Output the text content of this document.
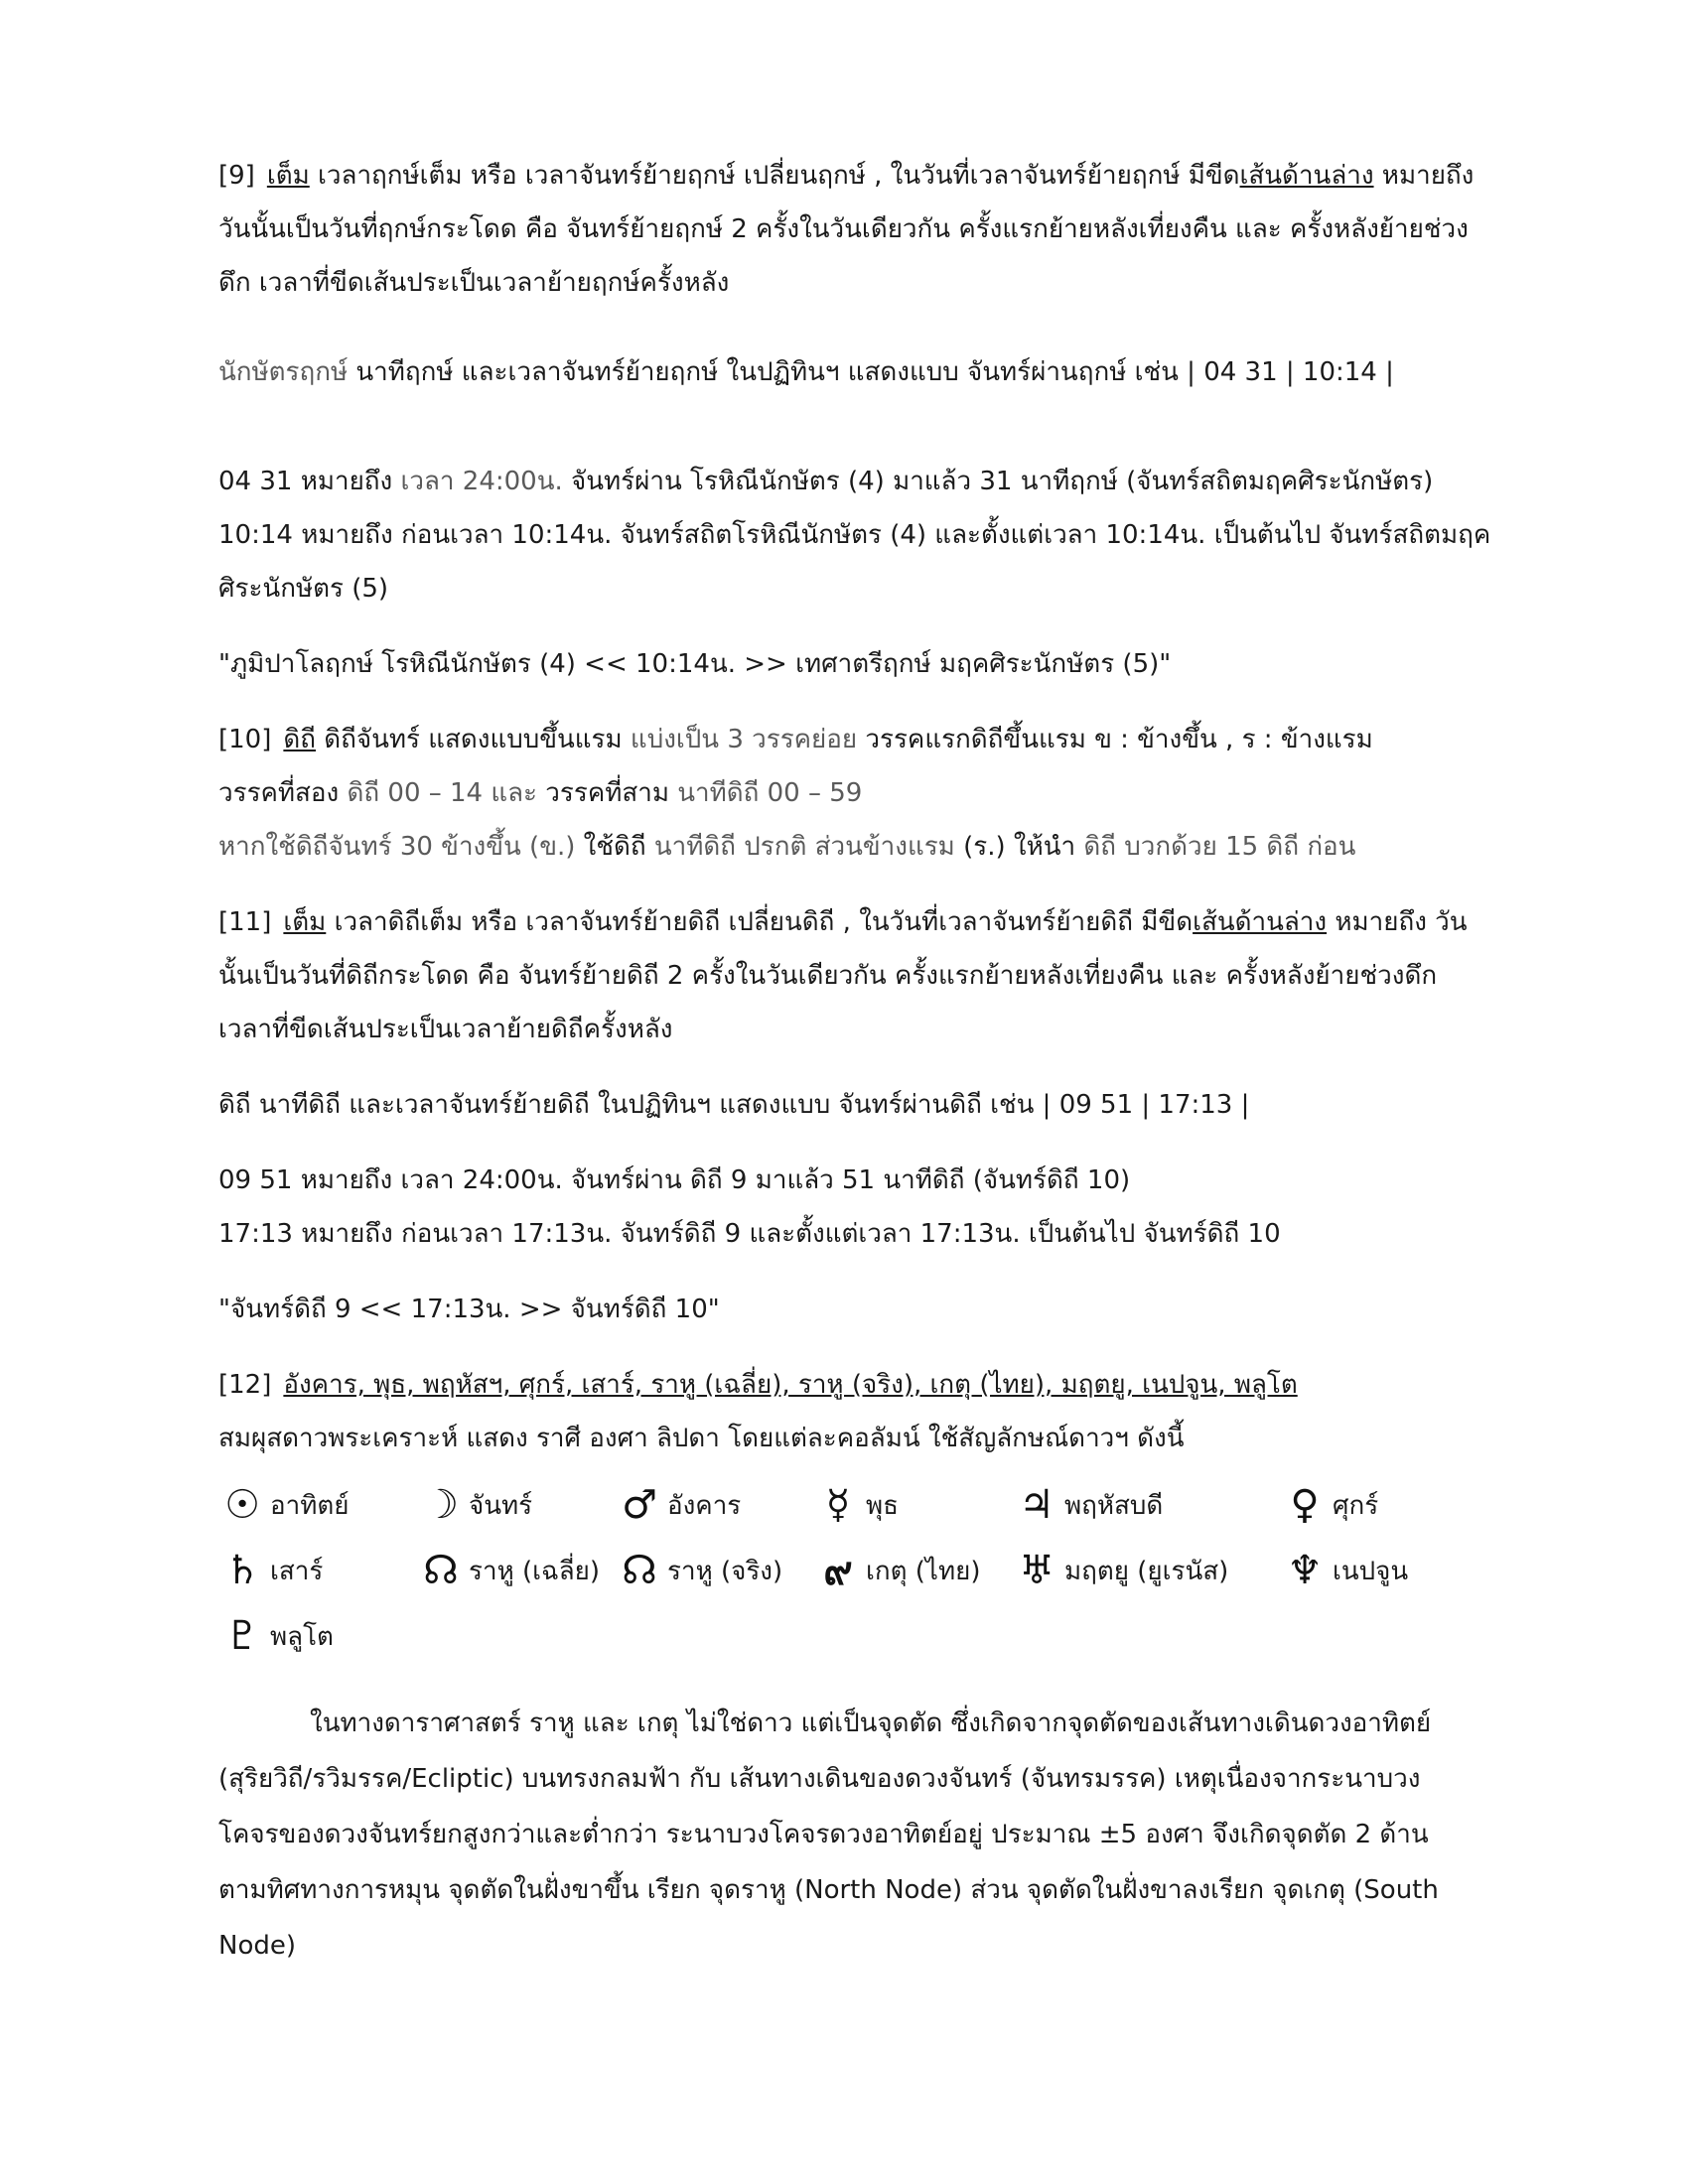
[9] เต็ม เวลาฤกษ์เต็ม หรือ เวลาจันทร์ย้ายฤกษ์ เปลี่ยนฤกษ์ , ในวันที่เวลาจันทร์ย้ายฤกษ์ มีขีดเส้นด้านล่าง หมายถึง

วันนั้นเป็นวันที่ฤกษ์กระโดด คือ จันทร์ย้ายฤกษ์ 2 ครั้งในวันเดียวกัน ครั้งแรกย้ายหลังเที่ยงคืน และ ครั้งหลังย้ายช่วง

ดึก เวลาที่ขีดเส้นประเป็นเวลาย้ายฤกษ์ครั้งหลัง

นักษัตรฤกษ์ นาทีฤกษ์ และเวลาจันทร์ย้ายฤกษ์ ในปฏิทินฯ แสดงแบบ จันทร์ผ่านฤกษ์ เช่น | 04 31 | 10:14 |

04 31 หมายถึง เวลา 24:00น. จันทร์ผ่าน โรหิณีนักษัตร (4) มาแล้ว 31 นาทีฤกษ์ (จันทร์สถิตมฤคศิระนักษัตร)

10:14 หมายถึง ก่อนเวลา 10:14น. จันทร์สถิตโรหิณีนักษัตร (4) และตั้งแต่เวลา 10:14น. เป็นต้นไป จันทร์สถิตมฤค

ศิระนักษัตร (5)

"ภูมิปาโลฤกษ์ โรหิณีนักษัตร (4) << 10:14น. >> เทศาตรีฤกษ์ มฤคศิระนักษัตร (5)"

[10] ดิถี ดิถีจันทร์ แสดงแบบขึ้นแรม แบ่งเป็น 3 วรรคย่อย วรรคแรกดิถีขึ้นแรม ข : ข้างขึ้น , ร : ข้างแรม

วรรคที่สอง ดิถี 00 – 14 และ วรรคที่สาม นาทีดิถี 00 – 59

หากใช้ดิถีจันทร์ 30 ข้างขึ้น (ข.) ใช้ดิถี นาทีดิถี ปรกติ ส่วนข้างแรม (ร.) ให้นำ ดิถี บวกด้วย 15 ดิถี ก่อน

[11] เต็ม เวลาดิถีเต็ม หรือ เวลาจันทร์ย้ายดิถี เปลี่ยนดิถี , ในวันที่เวลาจันทร์ย้ายดิถี มีขีดเส้นด้านล่าง หมายถึง วัน

นั้นเป็นวันที่ดิถีกระโดด คือ จันทร์ย้ายดิถี 2 ครั้งในวันเดียวกัน ครั้งแรกย้ายหลังเที่ยงคืน และ ครั้งหลังย้ายช่วงดึก

เวลาที่ขีดเส้นประเป็นเวลาย้ายดิถีครั้งหลัง

ดิถี นาทีดิถี และเวลาจันทร์ย้ายดิถี ในปฏิทินฯ แสดงแบบ จันทร์ผ่านดิถี เช่น | 09 51 | 17:13 |

09 51 หมายถึง เวลา 24:00น. จันทร์ผ่าน ดิถี 9 มาแล้ว 51 นาทีดิถี (จันทร์ดิถี 10)

17:13 หมายถึง ก่อนเวลา 17:13น. จันทร์ดิถี 9 และตั้งแต่เวลา 17:13น. เป็นต้นไป จันทร์ดิถี 10

"จันทร์ดิถี 9 << 17:13น. >> จันทร์ดิถี 10"

[12] อังคาร, พุธ, พฤหัสฯ, ศุกร์, เสาร์, ราหู (เฉลี่ย), ราหู (จริง), เกตุ (ไทย), มฤตยู, เนปจูน, พลูโต

สมผุสดาวพระเคราะห์ แสดง ราศี องศา ลิปดา โดยแต่ละคอลัมน์ ใช้สัญลักษณ์ดาวฯ ดังนี้

☉ อาทิตย์ ☽ จันทร์ ♂ อังคาร ☿ พุธ	♃ พฤหัสบดี	♀ ศุกร์
♄ เสาร์	☊ ราหู (เฉลี่ย) ☊ ราหู (จริง) ๙ เกตุ (ไทย) ♅ มฤตยู (ยูเรนัส) ♆ เนปจูน
♇ พลูโต

ในทางดาราศาสตร์ ราหู และ เกตุ ไม่ใช่ดาว แต่เป็นจุดตัด ซึ่งเกิดจากจุดตัดของเส้นทางเดินดวงอาทิตย์ (สุริยวิถี/รวิมรรค/Ecliptic) บนทรงกลมฟ้า กับ เส้นทางเดินของดวงจันทร์ (จันทรมรรค) เหตุเนื่องจากระนาบวงโคจรของดวงจันทร์ยกสูงกว่าและต่ำกว่า ระนาบวงโคจรดวงอาทิตย์อยู่ ประมาณ ±5 องศา จึงเกิดจุดตัด 2 ด้าน ตามทิศทางการหมุน จุดตัดในฝั่งขาขึ้น เรียก จุดราหู (North Node) ส่วน จุดตัดในฝั่งขาลงเรียก จุดเกตุ (South Node)
